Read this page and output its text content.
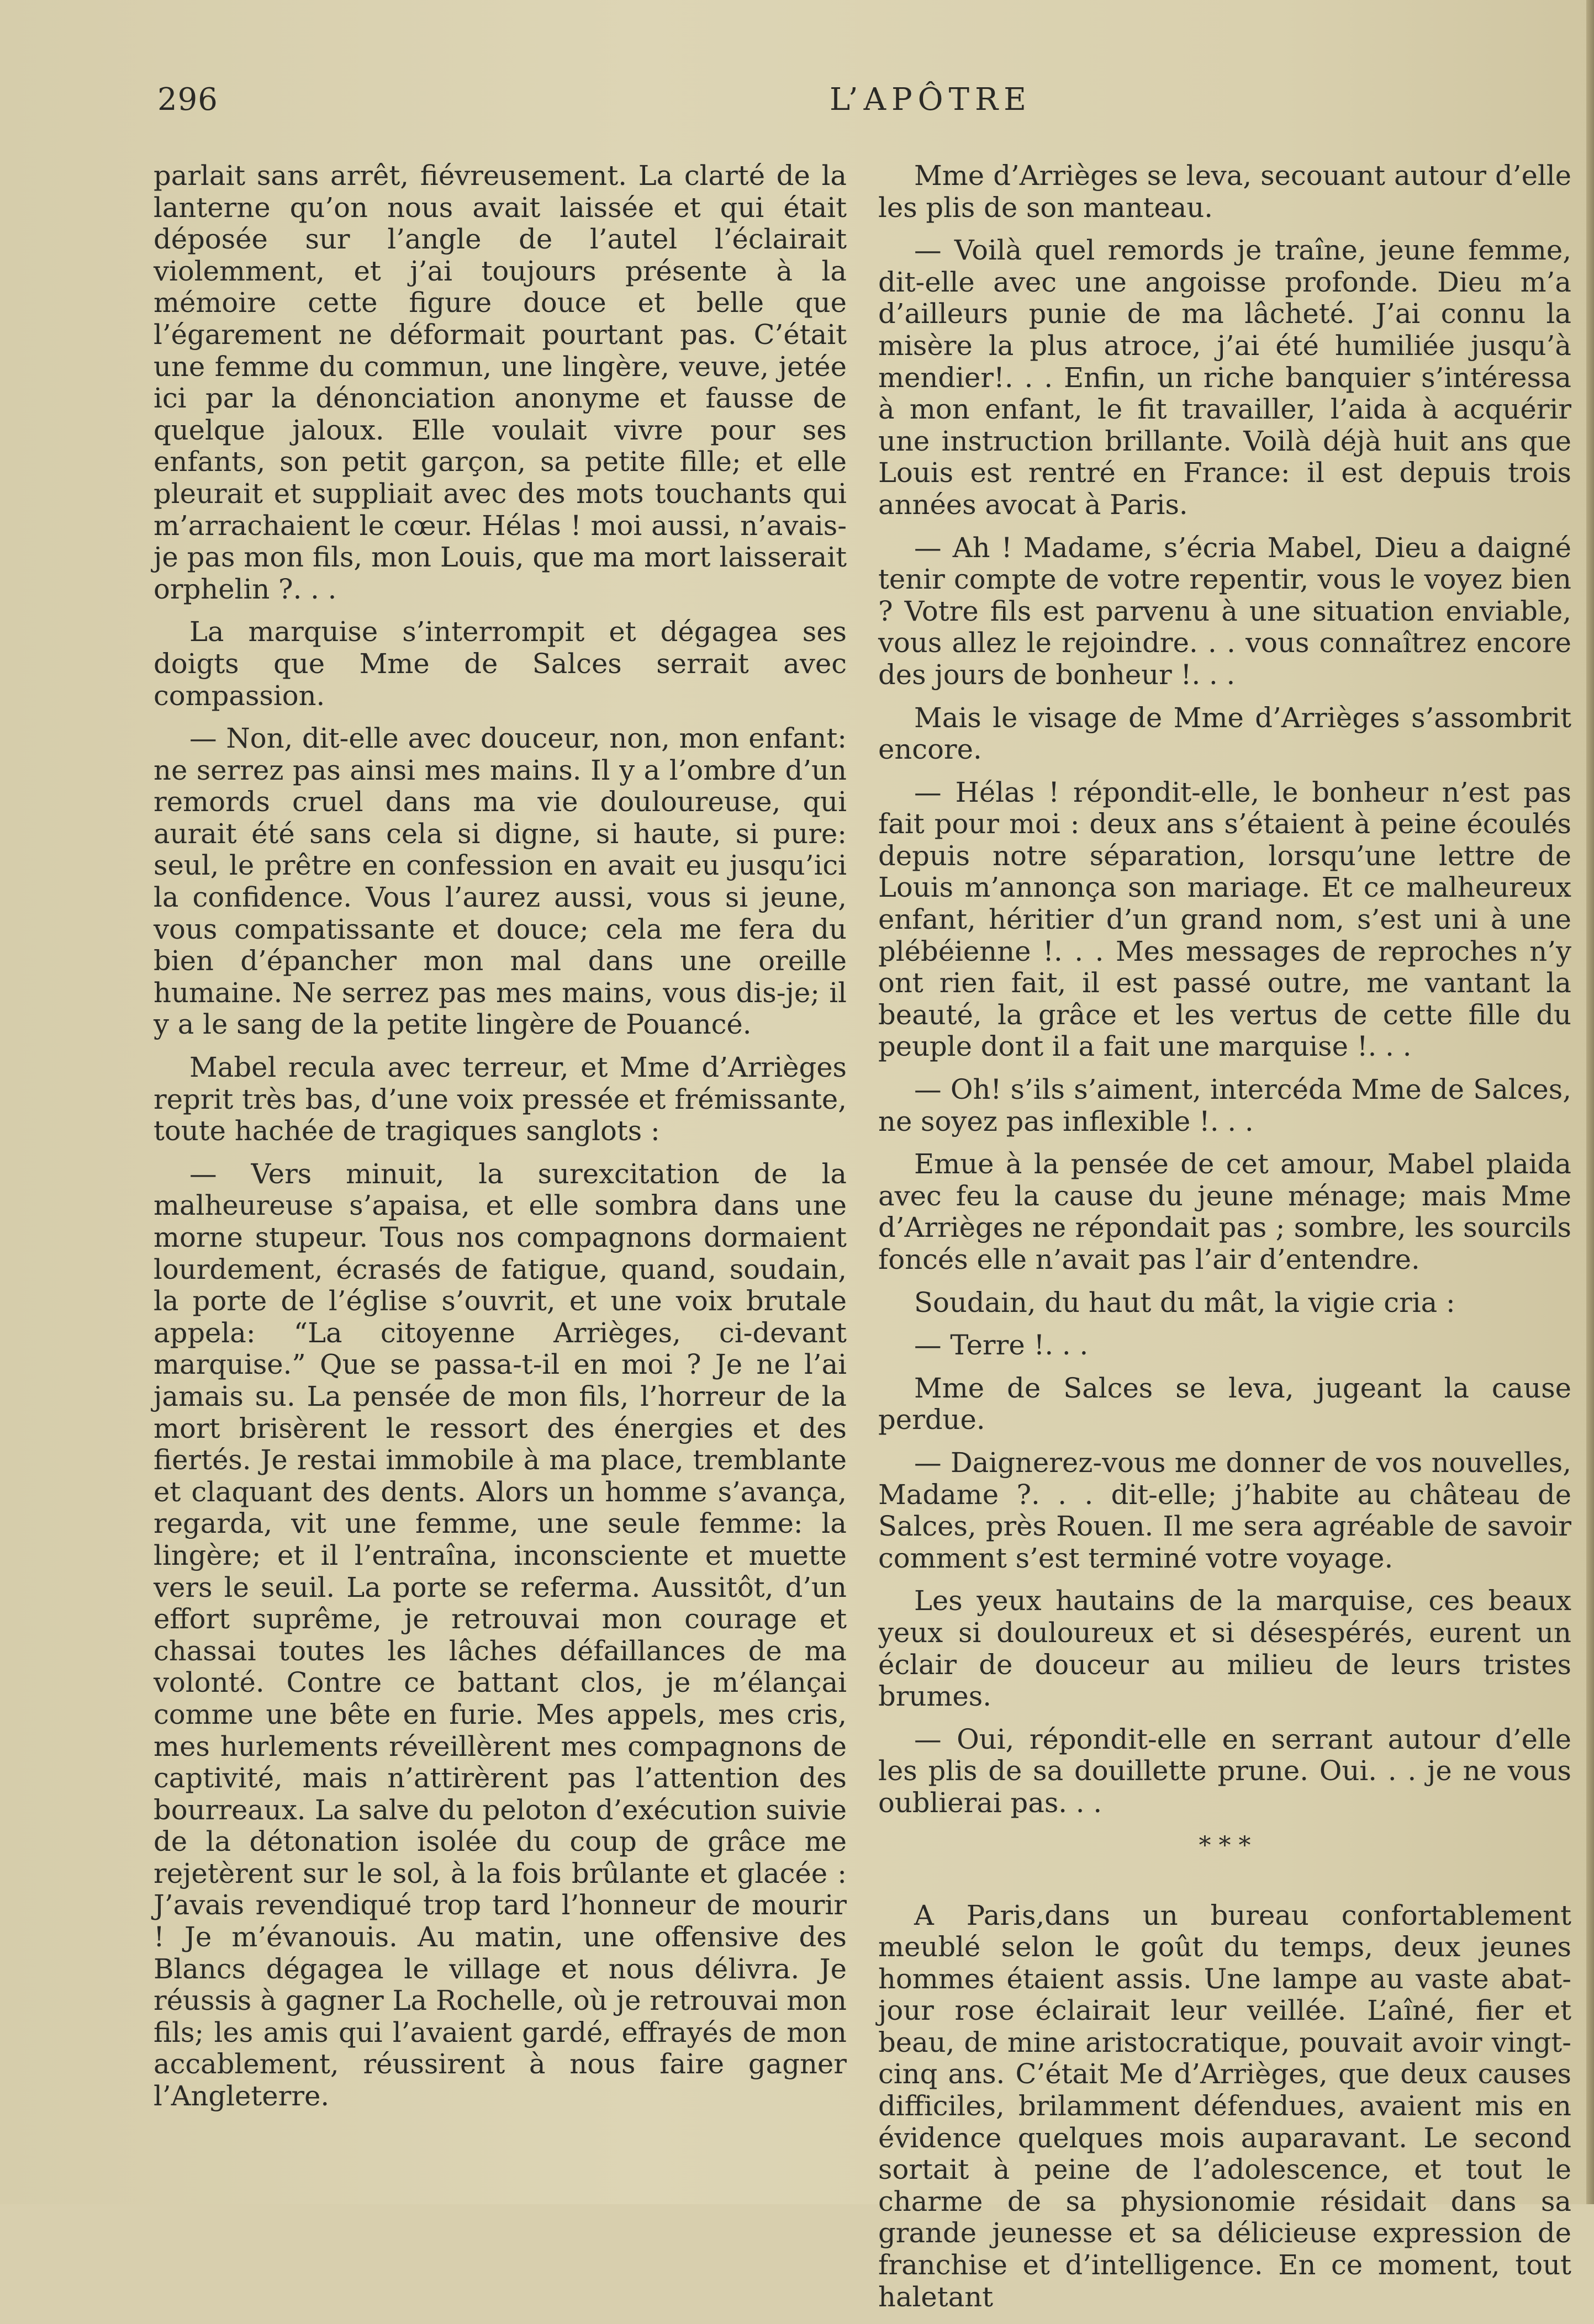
296	L’APÔTRE

parlait sans arrêt, fiévreusement. La clarté de la lanterne qu’on nous avait laissée et qui était déposée sur l’angle de l’autel l’éclairait violemment, et j’ai toujours présente à la mémoire cette figure douce et belle que l’égarement ne déformait pourtant pas. C’était une femme du commun, une lingère, veuve, jetée ici par la dénonciation anonyme et fausse de quelque jaloux. Elle voulait vivre pour ses enfants, son petit garçon, sa petite fille; et elle pleurait et suppliait avec des mots touchants qui m’arrachaient le cœur. Hélas ! moi aussi, n’avais-je pas mon fils, mon Louis, que ma mort laisserait orphelin ?. . .

La marquise s’interrompit et dégagea ses doigts que Mme de Salces serrait avec compassion.

— Non, dit-elle avec douceur, non, mon enfant: ne serrez pas ainsi mes mains. Il y a l’ombre d’un remords cruel dans ma vie douloureuse, qui aurait été sans cela si digne, si haute, si pure: seul, le prêtre en confession en avait eu jusqu’ici la confidence. Vous l’aurez aussi, vous si jeune, vous compatissante et douce; cela me fera du bien d’épancher mon mal dans une oreille humaine. Ne serrez pas mes mains, vous dis-je; il y a le sang de la petite lingère de Pouancé.

Mabel recula avec terreur, et Mme d’Arrièges reprit très bas, d’une voix pressée et frémissante, toute hachée de tragiques sanglots :

— Vers minuit, la surexcitation de la malheureuse s’apaisa, et elle sombra dans une morne stupeur. Tous nos compagnons dormaient lourdement, écrasés de fatigue, quand, soudain, la porte de l’église s’ouvrit, et une voix brutale appela: “La citoyenne Arrièges, ci-devant marquise.” Que se passa-t-il en moi ? Je ne l’ai jamais su. La pensée de mon fils, l’horreur de la mort brisèrent le ressort des énergies et des fiertés. Je restai immobile à ma place, tremblante et claquant des dents. Alors un homme s’avança, regarda, vit une femme, une seule femme: la lingère; et il l’entraîna, inconsciente et muette vers le seuil. La porte se referma. Aussitôt, d’un effort suprême, je retrouvai mon courage et chassai toutes les lâches défaillances de ma volonté. Contre ce battant clos, je m’élançai comme une bête en furie. Mes appels, mes cris, mes hurlements réveillèrent mes compagnons de captivité, mais n’attirèrent pas l’attention des bourreaux. La salve du peloton d’exécution suivie de la détonation isolée du coup de grâce me rejetèrent sur le sol, à la fois brûlante et glacée : J’avais revendiqué trop tard l’honneur de mourir ! Je m’évanouis. Au matin, une offensive des Blancs dégagea le village et nous délivra. Je réussis à gagner La Rochelle, où je retrouvai mon fils; les amis qui l’avaient gardé, effrayés de mon accablement, réussirent à nous faire gagner l’Angleterre.

Mme d’Arrièges se leva, secouant autour d’elle les plis de son manteau.

— Voilà quel remords je traîne, jeune femme, dit-elle avec une angoisse profonde. Dieu m’a d’ailleurs punie de ma lâcheté. J’ai connu la misère la plus atroce, j’ai été humiliée jusqu’à mendier!. . . Enfin, un riche banquier s’intéressa à mon enfant, le fit travailler, l’aida à acquérir une instruction brillante. Voilà déjà huit ans que Louis est rentré en France: il est depuis trois années avocat à Paris.

— Ah ! Madame, s’écria Mabel, Dieu a daigné tenir compte de votre repentir, vous le voyez bien ? Votre fils est parvenu à une situation enviable, vous allez le rejoindre. . . vous connaîtrez encore des jours de bonheur !. . .

Mais le visage de Mme d’Arrièges s’assombrit encore.

— Hélas ! répondit-elle, le bonheur n’est pas fait pour moi : deux ans s’étaient à peine écoulés depuis notre séparation, lorsqu’une lettre de Louis m’annonça son mariage. Et ce malheureux enfant, héritier d’un grand nom, s’est uni à une plébéienne !. . . Mes messages de reproches n’y ont rien fait, il est passé outre, me vantant la beauté, la grâce et les vertus de cette fille du peuple dont il a fait une marquise !. . .

— Oh! s’ils s’aiment, intercéda Mme de Salces, ne soyez pas inflexible !. . .

Emue à la pensée de cet amour, Mabel plaida avec feu la cause du jeune ménage; mais Mme d’Arrièges ne répondait pas ; sombre, les sourcils foncés elle n’avait pas l’air d’entendre.

Soudain, du haut du mât, la vigie cria :

— Terre !. . .

Mme de Salces se leva, jugeant la cause perdue.

— Daignerez-vous me donner de vos nouvelles, Madame ?. . . dit-elle; j’habite au château de Salces, près Rouen. Il me sera agréable de savoir comment s’est terminé votre voyage.

Les yeux hautains de la marquise, ces beaux yeux si douloureux et si désespérés, eurent un éclair de douceur au milieu de leurs tristes brumes.

— Oui, répondit-elle en serrant autour d’elle les plis de sa douillette prune. Oui. . . je ne vous oublierai pas. . .

* * *

A Paris,dans un bureau confortablement meublé selon le goût du temps, deux jeunes hommes étaient assis. Une lampe au vaste abat-jour rose éclairait leur veillée. L’aîné, fier et beau, de mine aristocratique, pouvait avoir vingt-cinq ans. C’était Me d’Arrièges, que deux causes difficiles, brilamment défendues, avaient mis en évidence quelques mois auparavant. Le second sortait à peine de l’adolescence, et tout le charme de sa physionomie résidait dans sa grande jeunesse et sa délicieuse expression de franchise et d’intelligence. En ce moment, tout haletant
